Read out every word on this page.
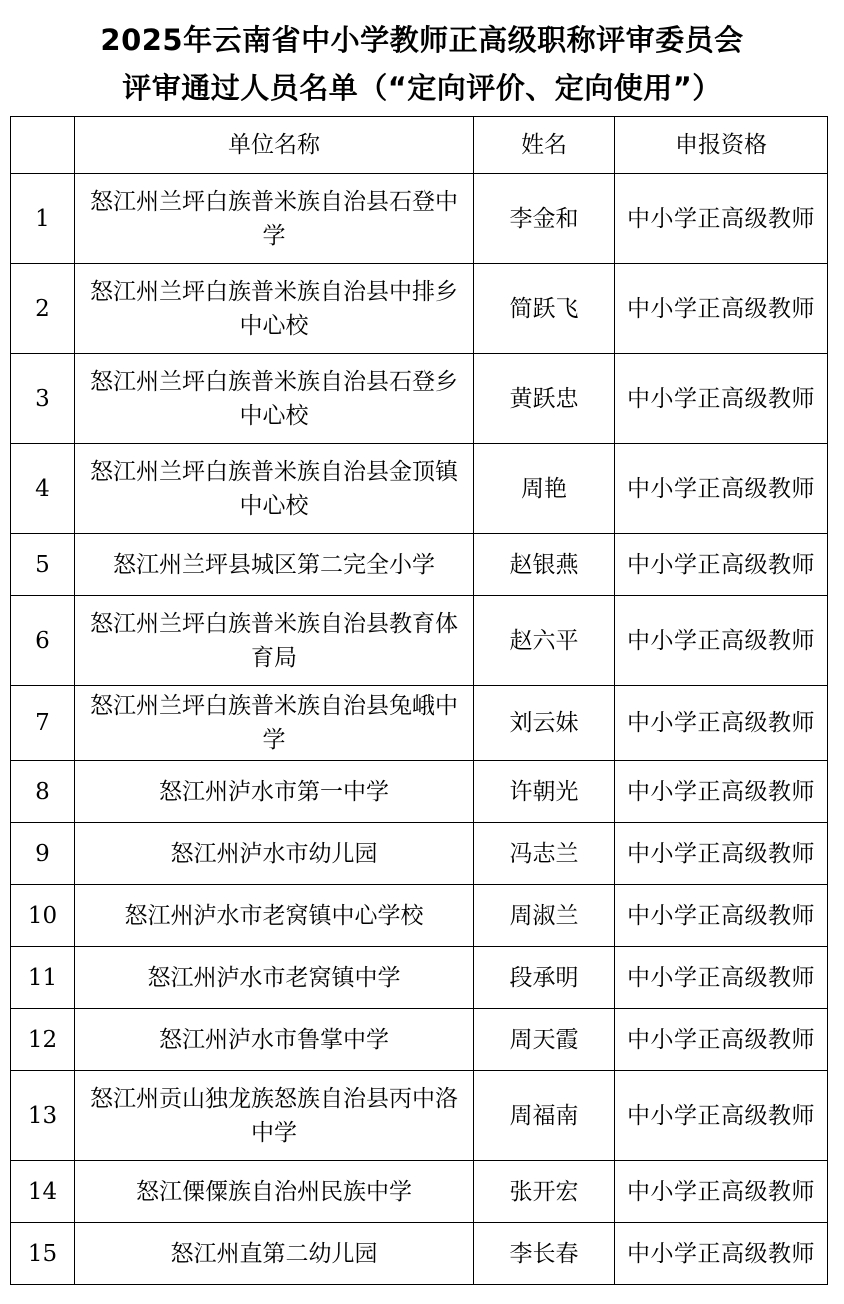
2025年云南省中小学教师正高级职称评审委员会
评审通过人员名单（“定向评价、定向使用”）
	单位名称	姓名	申报资格
1	怒江州兰坪白族普米族自治县石登中学	李金和	中小学正高级教师
2	怒江州兰坪白族普米族自治县中排乡中心校	简跃飞	中小学正高级教师
3	怒江州兰坪白族普米族自治县石登乡中心校	黄跃忠	中小学正高级教师
4	怒江州兰坪白族普米族自治县金顶镇中心校	周艳	中小学正高级教师
5	怒江州兰坪县城区第二完全小学	赵银燕	中小学正高级教师
6	怒江州兰坪白族普米族自治县教育体育局	赵六平	中小学正高级教师
7	怒江州兰坪白族普米族自治县兔峨中学	刘云妹	中小学正高级教师
8	怒江州泸水市第一中学	许朝光	中小学正高级教师
9	怒江州泸水市幼儿园	冯志兰	中小学正高级教师
10	怒江州泸水市老窝镇中心学校	周淑兰	中小学正高级教师
11	怒江州泸水市老窝镇中学	段承明	中小学正高级教师
12	怒江州泸水市鲁掌中学	周天霞	中小学正高级教师
13	怒江州贡山独龙族怒族自治县丙中洛中学	周福南	中小学正高级教师
14	怒江傈僳族自治州民族中学	张开宏	中小学正高级教师
15	怒江州直第二幼儿园	李长春	中小学正高级教师
